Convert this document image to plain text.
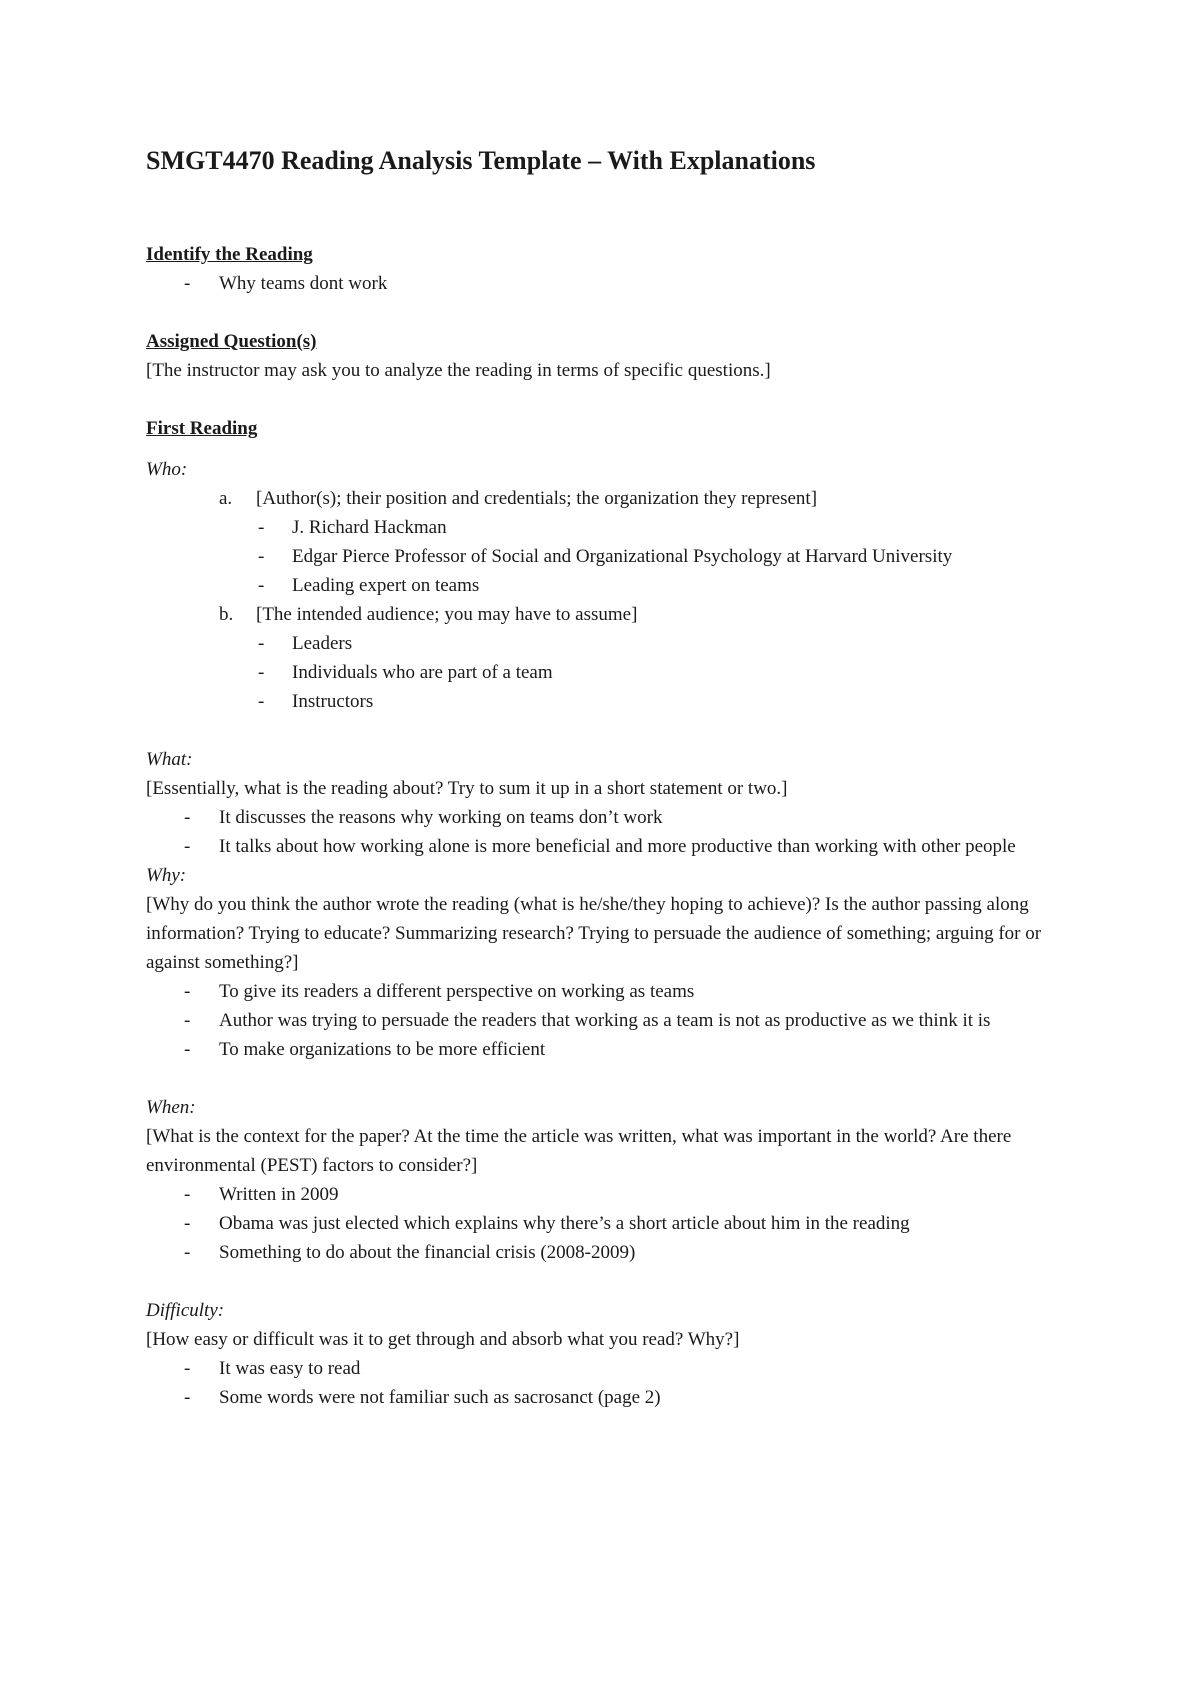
SMGT4470 Reading Analysis Template – With Explanations
Identify the Reading
- Why teams dont work
Assigned Question(s)
[The instructor may ask you to analyze the reading in terms of specific questions.]
First Reading
Who:
a. [Author(s); their position and credentials; the organization they represent]
- J. Richard Hackman
- Edgar Pierce Professor of Social and Organizational Psychology at Harvard University
- Leading expert on teams
b. [The intended audience; you may have to assume]
- Leaders
- Individuals who are part of a team
- Instructors
What:
[Essentially, what is the reading about? Try to sum it up in a short statement or two.]
- It discusses the reasons why working on teams don’t work
- It talks about how working alone is more beneficial and more productive than working with other people
Why:
[Why do you think the author wrote the reading (what is he/she/they hoping to achieve)? Is the author passing along information? Trying to educate? Summarizing research? Trying to persuade the audience of something; arguing for or against something?]
- To give its readers a different perspective on working as teams
- Author was trying to persuade the readers that working as a team is not as productive as we think it is
- To make organizations to be more efficient
When:
[What is the context for the paper? At the time the article was written, what was important in the world? Are there environmental (PEST) factors to consider?]
- Written in 2009
- Obama was just elected which explains why there’s a short article about him in the reading
- Something to do about the financial crisis (2008-2009)
Difficulty:
[How easy or difficult was it to get through and absorb what you read? Why?]
- It was easy to read
- Some words were not familiar such as sacrosanct (page 2)
